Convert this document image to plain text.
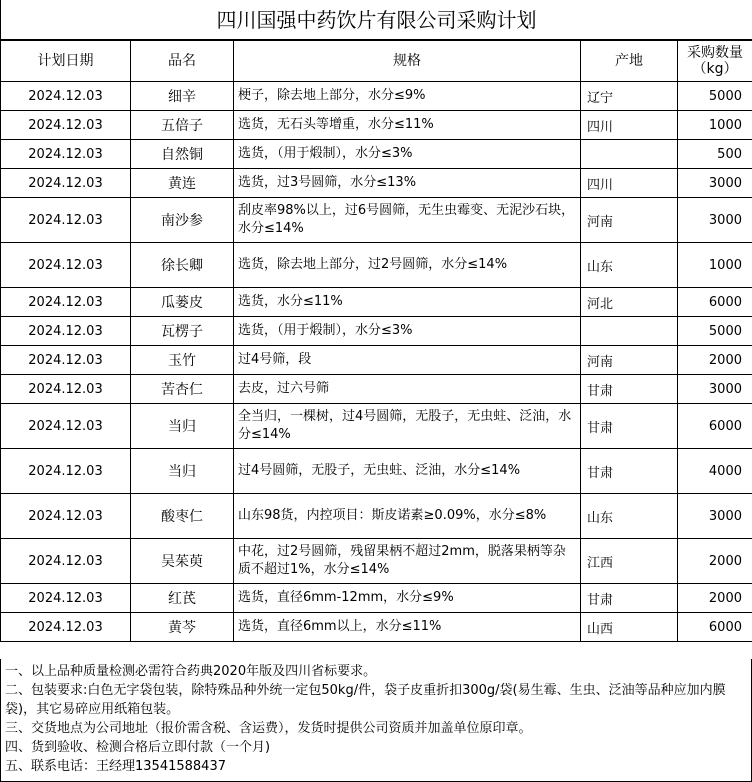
四川国强中药饮片有限公司采购计划
计划日期	品名	规格	产地	采购数量（kg）
2024.12.03	细辛	梗子，除去地上部分，水分≤9%	辽宁	5000
2024.12.03	五倍子	选货，无石头等增重，水分≤11%	四川	1000
2024.12.03	自然铜	选货，（用于煅制），水分≤3%		500
2024.12.03	黄连	选货，过3号圆筛，水分≤13%	四川	3000
2024.12.03	南沙参	刮皮率98%以上，过6号圆筛，无生虫霉变、无泥沙石块，水分≤14%	河南	3000
2024.12.03	徐长卿	选货，除去地上部分，过2号圆筛，水分≤14%	山东	1000
2024.12.03	瓜蒌皮	选货，水分≤11%	河北	6000
2024.12.03	瓦楞子	选货，（用于煅制），水分≤3%		5000
2024.12.03	玉竹	过4号筛，段	河南	2000
2024.12.03	苦杏仁	去皮，过六号筛	甘肃	3000
2024.12.03	当归	全当归，一棵树，过4号圆筛，无股子，无虫蛀、泛油，水分≤14%	甘肃	6000
2024.12.03	当归	过4号圆筛，无股子，无虫蛀、泛油，水分≤14%	甘肃	4000
2024.12.03	酸枣仁	山东98货，内控项目：斯皮诺素≥0.09%，水分≤8%	山东	3000
2024.12.03	吴茱萸	中花，过2号圆筛，残留果柄不超过2mm，脱落果柄等杂质不超过1%，水分≤14%	江西	2000
2024.12.03	红芪	选货，直径6mm-12mm，水分≤9%	甘肃	2000
2024.12.03	黄芩	选货，直径6mm以上，水分≤11%	山西	6000
一、以上品种质量检测必需符合药典2020年版及四川省标要求。
二、包装要求:白色无字袋包装，除特殊品种外统一定包50kg/件，袋子皮重折扣300g/袋(易生霉、生虫、泛油等品种应加内膜袋)，其它易碎应用纸箱包装。
三、交货地点为公司地址（报价需含税、含运费），发货时提供公司资质并加盖单位原印章。
四、货到验收、检测合格后立即付款（一个月)
五、联系电话：王经理13541588437
